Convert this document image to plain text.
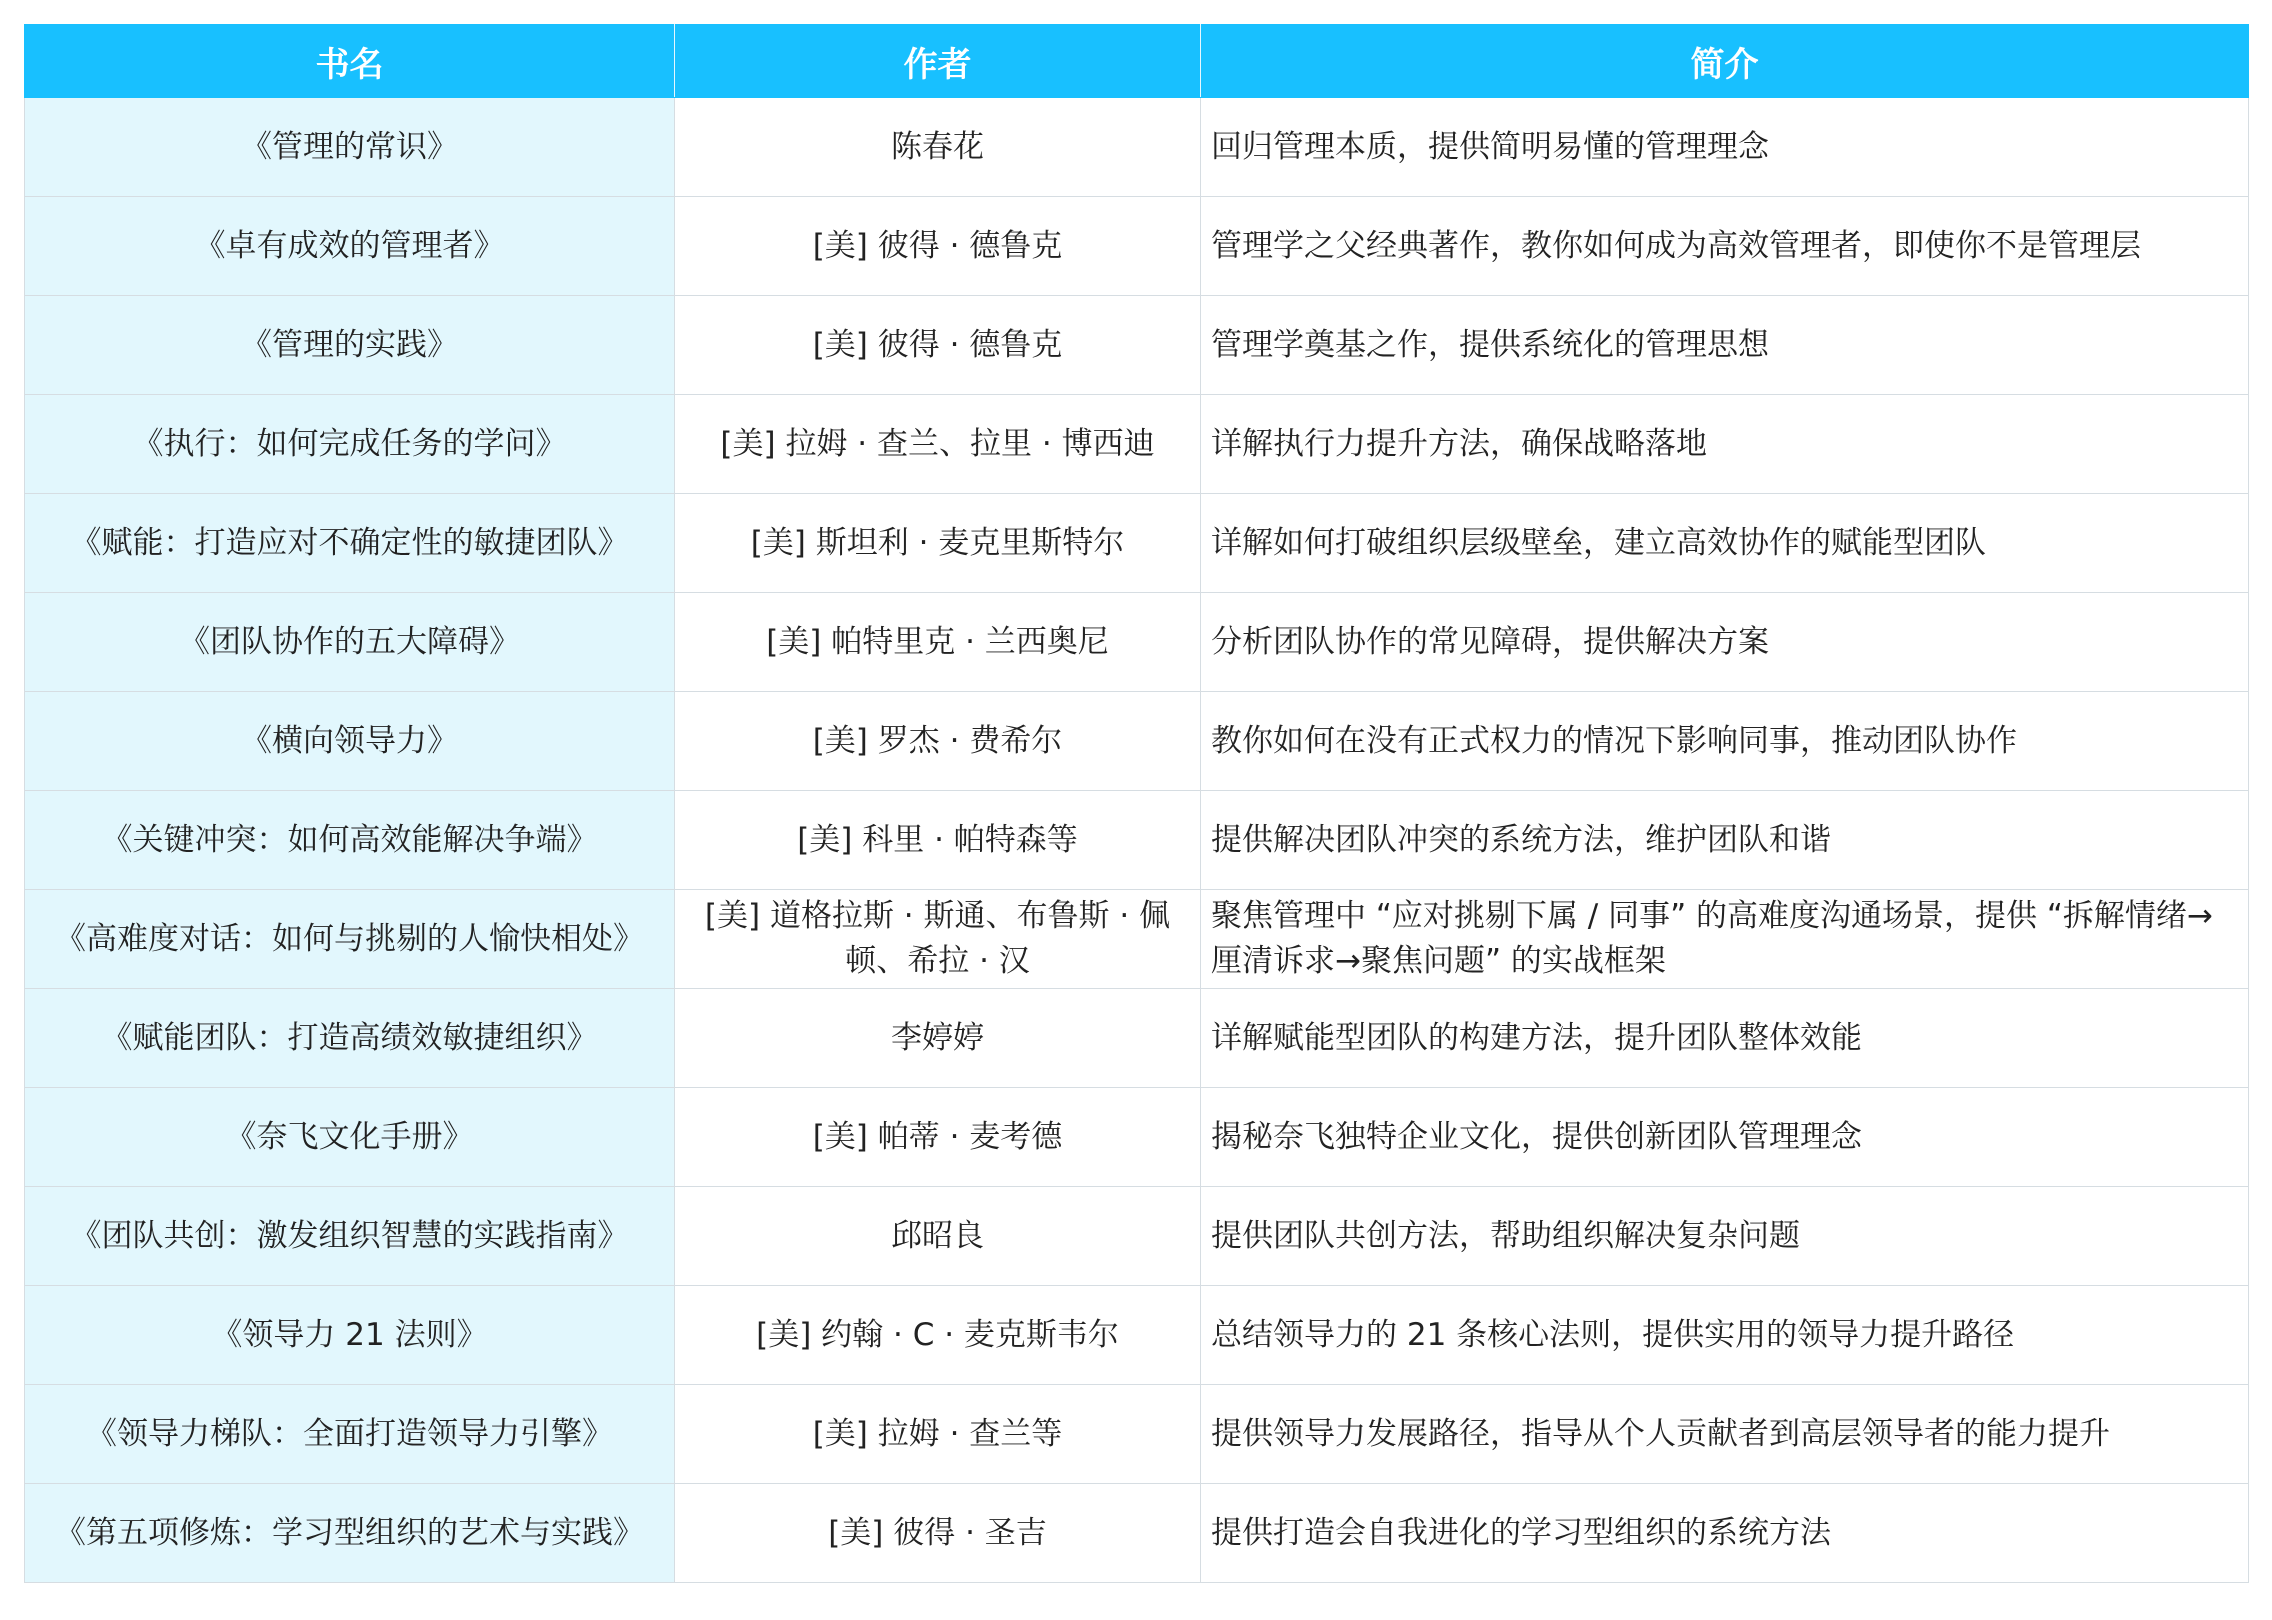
书名	作者	简介
《管理的常识》	陈春花	回归管理本质，提供简明易懂的管理理念
《卓有成效的管理者》	[美] 彼得 · 德鲁克	管理学之父经典著作，教你如何成为高效管理者，即使你不是管理层
《管理的实践》	[美] 彼得 · 德鲁克	管理学奠基之作，提供系统化的管理思想
《执行：如何完成任务的学问》	[美] 拉姆 · 查兰、拉里 · 博西迪	详解执行力提升方法，确保战略落地
《赋能：打造应对不确定性的敏捷团队》	[美] 斯坦利 · 麦克里斯特尔	详解如何打破组织层级壁垒，建立高效协作的赋能型团队
《团队协作的五大障碍》	[美] 帕特里克 · 兰西奥尼	分析团队协作的常见障碍，提供解决方案
《横向领导力》	[美] 罗杰 · 费希尔	教你如何在没有正式权力的情况下影响同事，推动团队协作
《关键冲突：如何高效能解决争端》	[美] 科里 · 帕特森等	提供解决团队冲突的系统方法，维护团队和谐
《高难度对话：如何与挑剔的人愉快相处》	[美] 道格拉斯 · 斯通、布鲁斯 · 佩顿、希拉 · 汉	聚焦管理中 “应对挑剔下属 / 同事” 的高难度沟通场景，提供 “拆解情绪→厘清诉求→聚焦问题” 的实战框架
《赋能团队：打造高绩效敏捷组织》	李婷婷	详解赋能型团队的构建方法，提升团队整体效能
《奈飞文化手册》	[美] 帕蒂 · 麦考德	揭秘奈飞独特企业文化，提供创新团队管理理念
《团队共创：激发组织智慧的实践指南》	邱昭良	提供团队共创方法，帮助组织解决复杂问题
《领导力 21 法则》	[美] 约翰 · C · 麦克斯韦尔	总结领导力的 21 条核心法则，提供实用的领导力提升路径
《领导力梯队：全面打造领导力引擎》	[美] 拉姆 · 查兰等	提供领导力发展路径，指导从个人贡献者到高层领导者的能力提升
《第五项修炼：学习型组织的艺术与实践》	[美] 彼得 · 圣吉	提供打造会自我进化的学习型组织的系统方法
